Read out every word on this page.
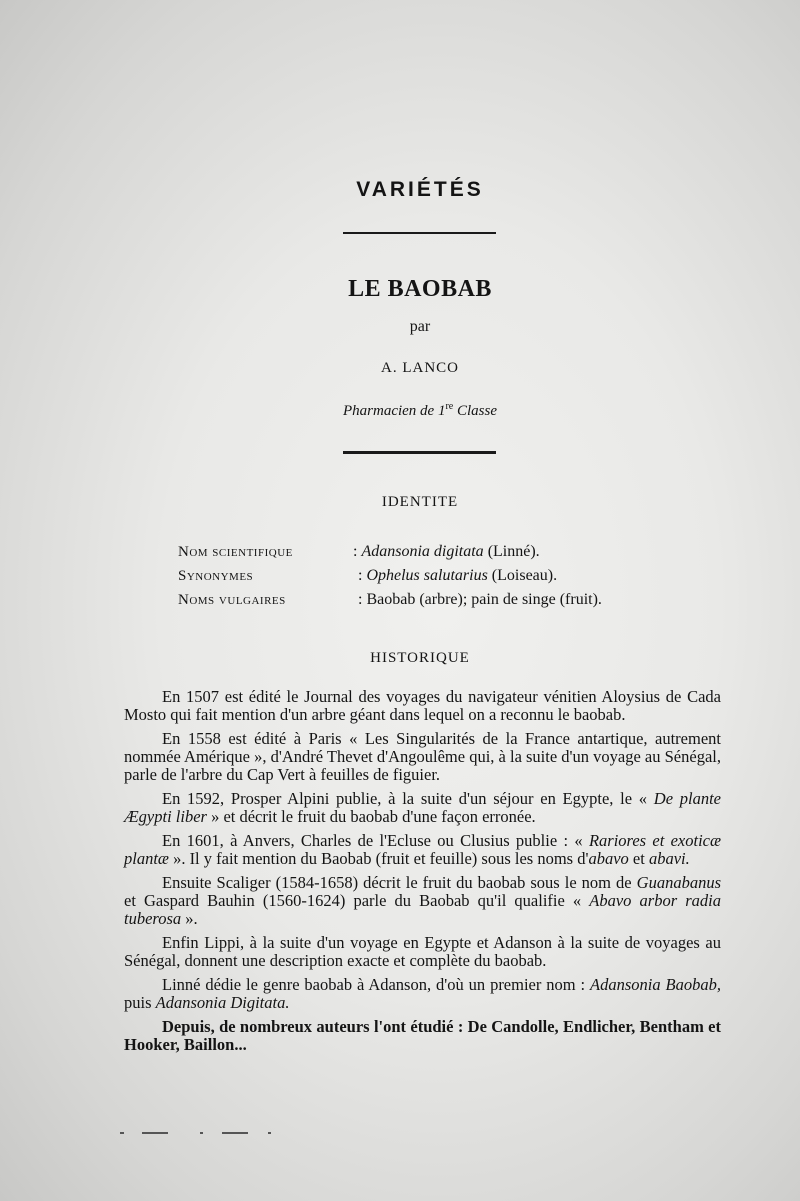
VARIÉTÉS
LE BAOBAB
par
A. LANCO
Pharmacien de 1re Classe
IDENTITE
Nom scientifique	: Adansonia digitata (Linné).
Synonymes	: Ophelus salutarius (Loiseau).
Noms vulgaires	: Baobab (arbre); pain de singe (fruit).
HISTORIQUE

En 1507 est édité le Journal des voyages du navigateur vénitien Aloysius de Cada Mosto qui fait mention d'un arbre géant dans lequel on a reconnu le baobab.

En 1558 est édité à Paris « Les Singularités de la France antartique, autrement nommée Amérique », d'André Thevet d'Angoulême qui, à la suite d'un voyage au Sénégal, parle de l'arbre du Cap Vert à feuilles de figuier.

En 1592, Prosper Alpini publie, à la suite d'un séjour en Egypte, le « De plante Ægypti liber » et décrit le fruit du baobab d'une façon erronée.

En 1601, à Anvers, Charles de l'Ecluse ou Clusius publie : « Rariores et exoticæ plantæ ». Il y fait mention du Baobab (fruit et feuille) sous les noms d'abavo et abavi.

Ensuite Scaliger (1584-1658) décrit le fruit du baobab sous le nom de Guanabanus et Gaspard Bauhin (1560-1624) parle du Baobab qu'il qualifie « Abavo arbor radia tuberosa ».

Enfin Lippi, à la suite d'un voyage en Egypte et Adanson à la suite de voyages au Sénégal, donnent une description exacte et complète du baobab.

Linné dédie le genre baobab à Adanson, d'où un premier nom : Adansonia Baobab, puis Adansonia Digitata.

Depuis, de nombreux auteurs l'ont étudié : De Candolle, Endlicher, Bentham et Hooker, Baillon...
